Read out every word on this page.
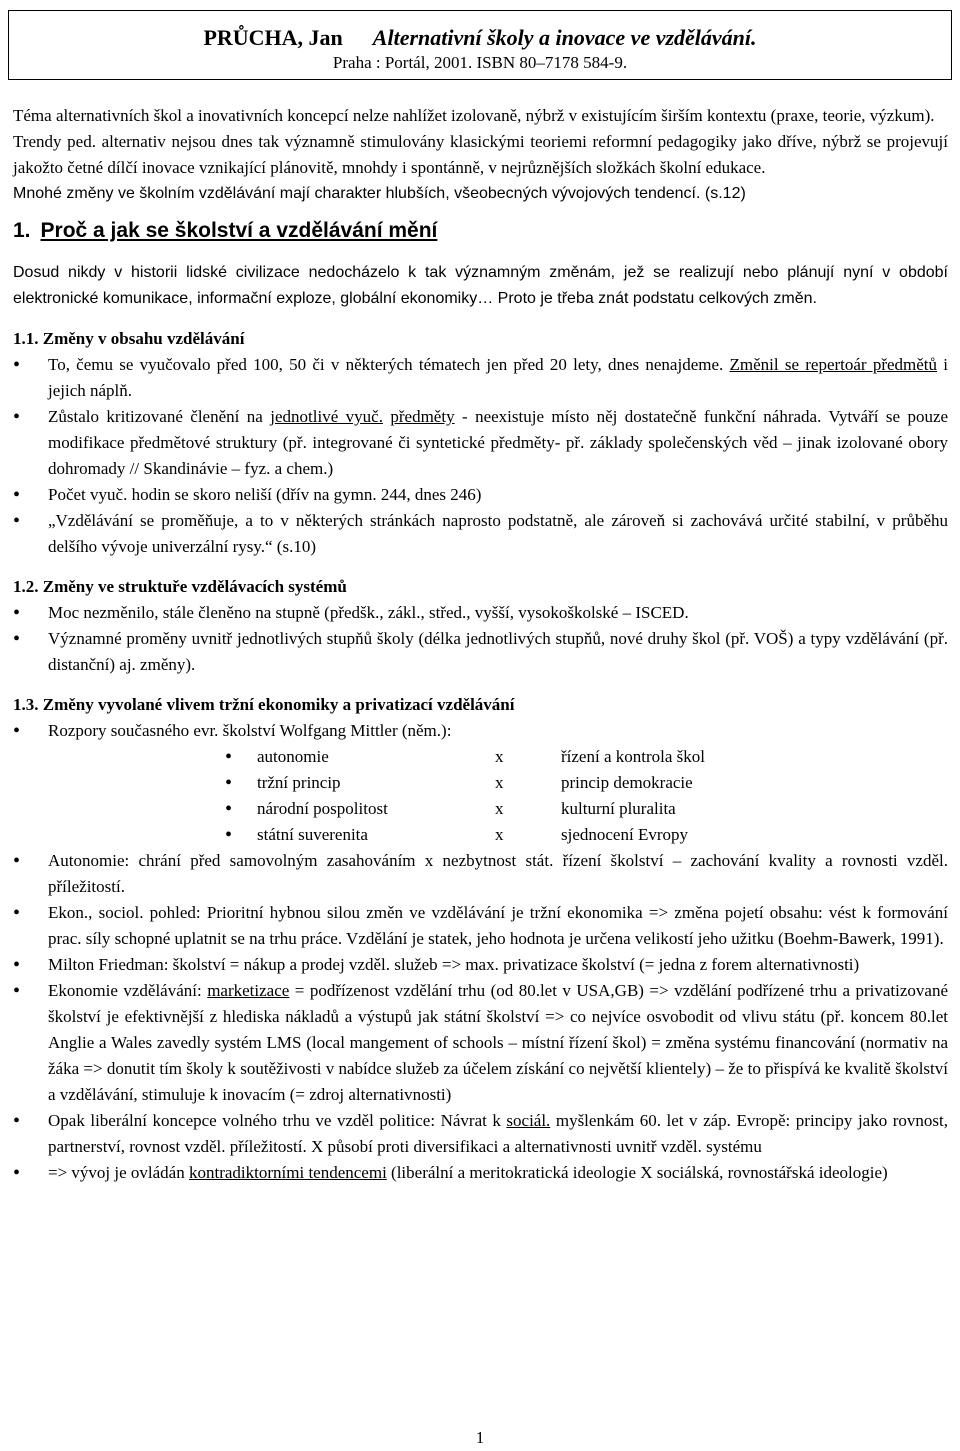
PRŮCHA, Jan Alternativní školy a inovace ve vzdělávání.
Praha : Portál, 2001. ISBN 80–7178 584-9.

Téma alternativních škol a inovativních koncepcí nelze nahlížet izolovaně, nýbrž v existujícím širším kontextu (praxe, teorie, výzkum).

Trendy ped. alternativ nejsou dnes tak významně stimulovány klasickými teoriemi reformní pedagogiky jako dříve, nýbrž se projevují jakožto četné dílčí inovace vznikající plánovitě, mnohdy i spontánně, v nejrůznějších složkách školní edukace.

Mnohé změny ve školním vzdělávání mají charakter hlubších, všeobecných vývojových tendencí. (s.12)

1. Proč a jak se školství a vzdělávání mění

Dosud nikdy v historii lidské civilizace nedocházelo k tak významným změnám, jež se realizují nebo plánují nyní v období elektronické komunikace, informační exploze, globální ekonomiky… Proto je třeba znát podstatu celkových změn.

1.1. Změny v obsahu vzdělávání
• To, čemu se vyučovalo před 100, 50 či v některých tématech jen před 20 lety, dnes nenajdeme. Změnil se repertoár předmětů i jejich náplň.
• Zůstalo kritizované členění na jednotlivé vyuč. předměty - neexistuje místo něj dostatečně funkční náhrada. Vytváří se pouze modifikace předmětové struktury (př. integrované či syntetické předměty- př. základy společenských věd – jinak izolované obory dohromady // Skandinávie – fyz. a chem.)
• Počet vyuč. hodin se skoro neliší (dřív na gymn. 244, dnes 246)
• „Vzdělávání se proměňuje, a to v některých stránkách naprosto podstatně, ale zároveň si zachovává určité stabilní, v průběhu delšího vývoje univerzální rysy.“ (s.10)
1.2. Změny ve struktuře vzdělávacích systémů
• Moc nezměnilo, stále členěno na stupně (předšk., zákl., střed., vyšší, vysokoškolské – ISCED.
• Významné proměny uvnitř jednotlivých stupňů školy (délka jednotlivých stupňů, nové druhy škol (př. VOŠ) a typy vzdělávání (př. distanční) aj. změny).
1.3. Změny vyvolané vlivem tržní ekonomiky a privatizací vzdělávání
• Rozpory současného evr. školství Wolfgang Mittler (něm.):
• autonomie	x	řízení a kontrola škol
• tržní princip	x	princip demokracie
• národní pospolitost	x	kulturní pluralita
• státní suverenita	x	sjednocení Evropy
• Autonomie: chrání před samovolným zasahováním x nezbytnost stát. řízení školství – zachování kvality a rovnosti vzděl. příležitostí.
• Ekon., sociol. pohled: Prioritní hybnou silou změn ve vzdělávání je tržní ekonomika => změna pojetí obsahu: vést k formování prac. síly schopné uplatnit se na trhu práce. Vzdělání je statek, jeho hodnota je určena velikostí jeho užitku (Boehm-Bawerk, 1991).
• Milton Friedman: školství = nákup a prodej vzděl. služeb => max. privatizace školství (= jedna z forem alternativnosti)
• Ekonomie vzdělávání: marketizace = podřízenost vzdělání trhu (od 80.let v USA,GB) => vzdělání podřízené trhu a privatizované školství je efektivnější z hlediska nákladů a výstupů jak státní školství => co nejvíce osvobodit od vlivu státu (př. koncem 80.let Anglie a Wales zavedly systém LMS (local mangement of schools – místní řízení škol) = změna systému financování (normativ na žáka => donutit tím školy k soutěživosti v nabídce služeb za účelem získání co největší klientely) – že to přispívá ke kvalitě školství a vzdělávání, stimuluje k inovacím (= zdroj alternativnosti)
• Opak liberální koncepce volného trhu ve vzděl politice: Návrat k sociál. myšlenkám 60. let v záp. Evropě: principy jako rovnost, partnerství, rovnost vzděl. příležitostí. X působí proti diversifikaci a alternativnosti uvnitř vzděl. systému
• => vývoj je ovládán kontradiktorními tendencemi (liberální a meritokratická ideologie X sociálská, rovnostářská ideologie)
1
